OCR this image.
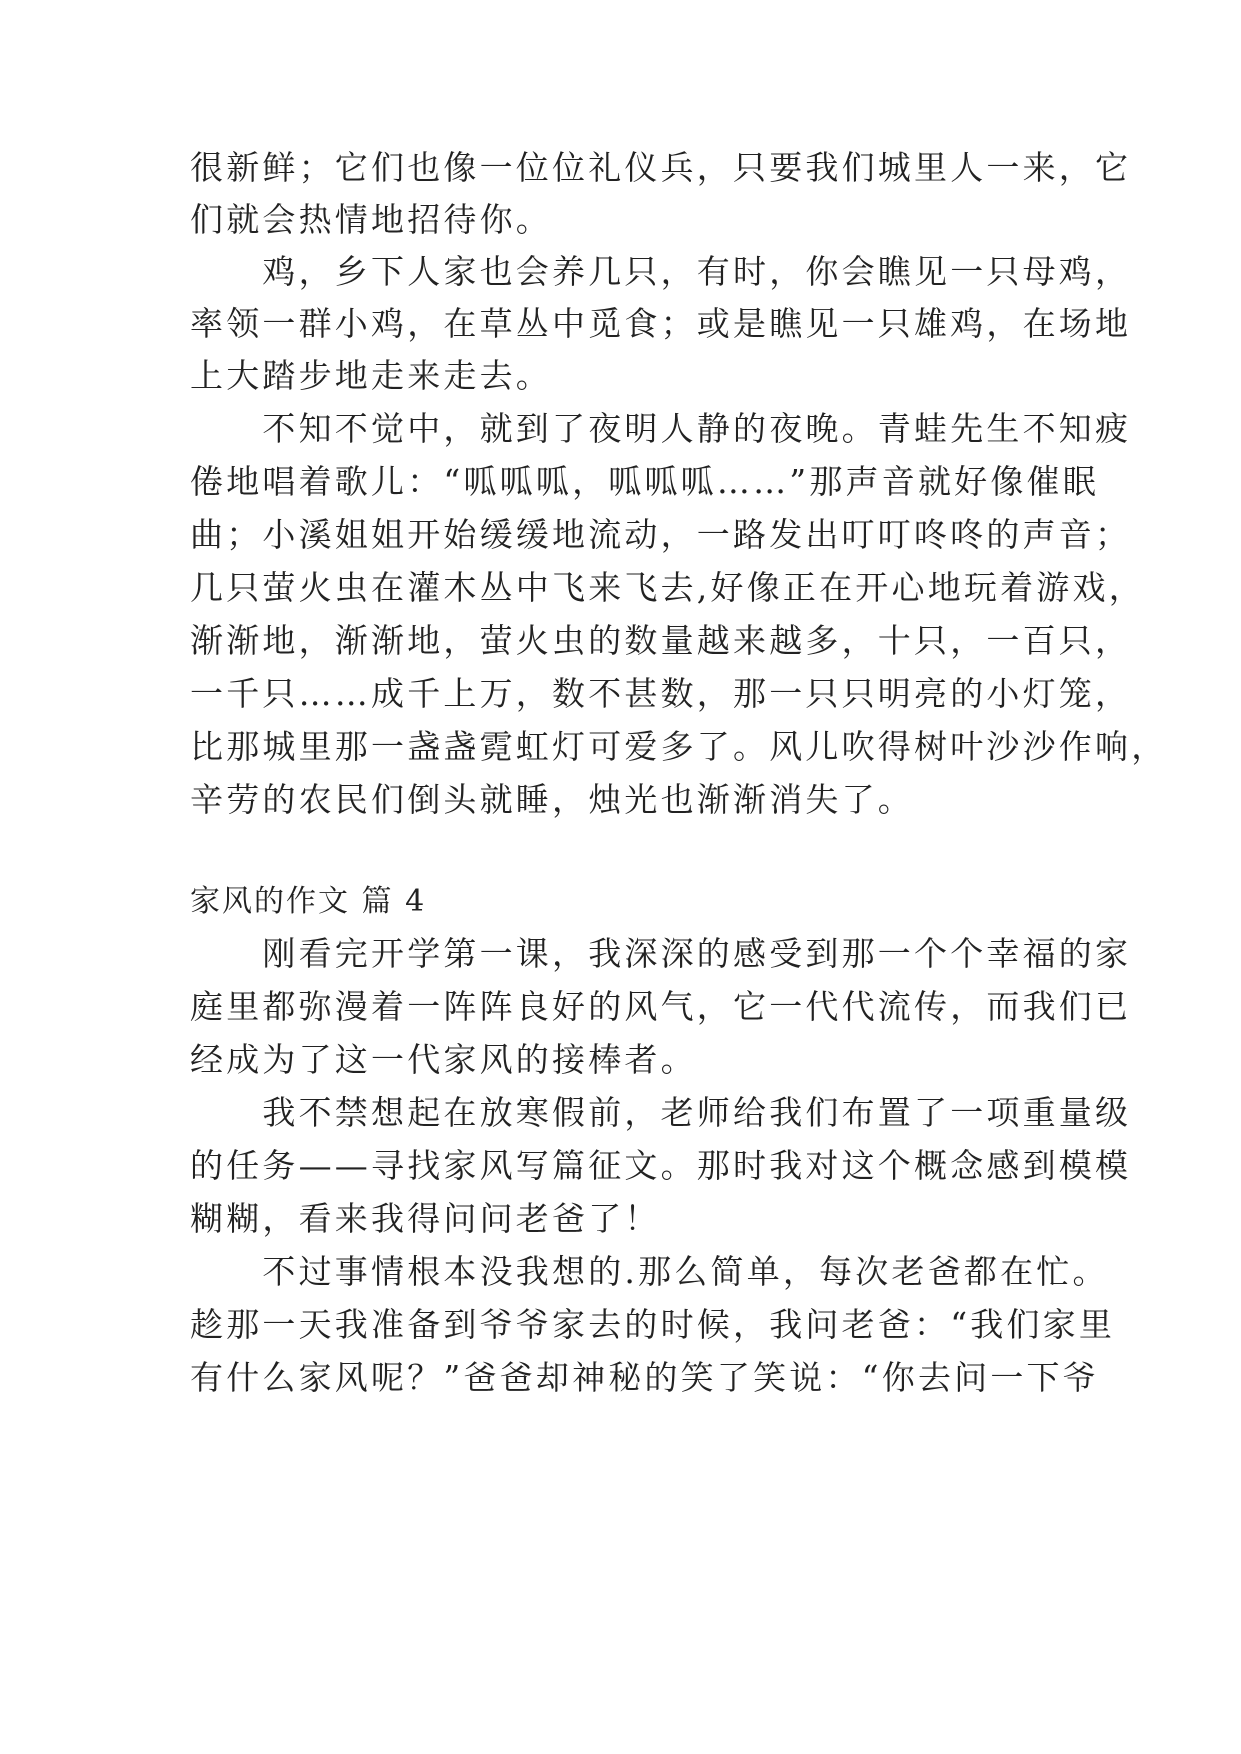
很新鲜；它们也像一位位礼仪兵，只要我们城里人一来，它
们就会热情地招待你。
　　鸡，乡下人家也会养几只，有时，你会瞧见一只母鸡，
率领一群小鸡，在草丛中觅食；或是瞧见一只雄鸡，在场地
上大踏步地走来走去。
　　不知不觉中，就到了夜明人静的夜晚。青蛙先生不知疲
倦地唱着歌儿：“呱呱呱，呱呱呱……”那声音就好像催眠
曲；小溪姐姐开始缓缓地流动，一路发出叮叮咚咚的声音；
几只萤火虫在灌木丛中飞来飞去,好像正在开心地玩着游戏，
渐渐地，渐渐地，萤火虫的数量越来越多，十只，一百只，
一千只……成千上万，数不甚数，那一只只明亮的小灯笼，
比那城里那一盏盏霓虹灯可爱多了。风儿吹得树叶沙沙作响，
辛劳的农民们倒头就睡，烛光也渐渐消失了。
家风的作文 篇 4
　　刚看完开学第一课，我深深的感受到那一个个幸福的家
庭里都弥漫着一阵阵良好的风气，它一代代流传，而我们已
经成为了这一代家风的接棒者。
　　我不禁想起在放寒假前，老师给我们布置了一项重量级
的任务——寻找家风写篇征文。那时我对这个概念感到模模
糊糊，看来我得问问老爸了！
　　不过事情根本没我想的.那么简单，每次老爸都在忙。
趁那一天我准备到爷爷家去的时候，我问老爸：“我们家里
有什么家风呢？”爸爸却神秘的笑了笑说：“你去问一下爷
